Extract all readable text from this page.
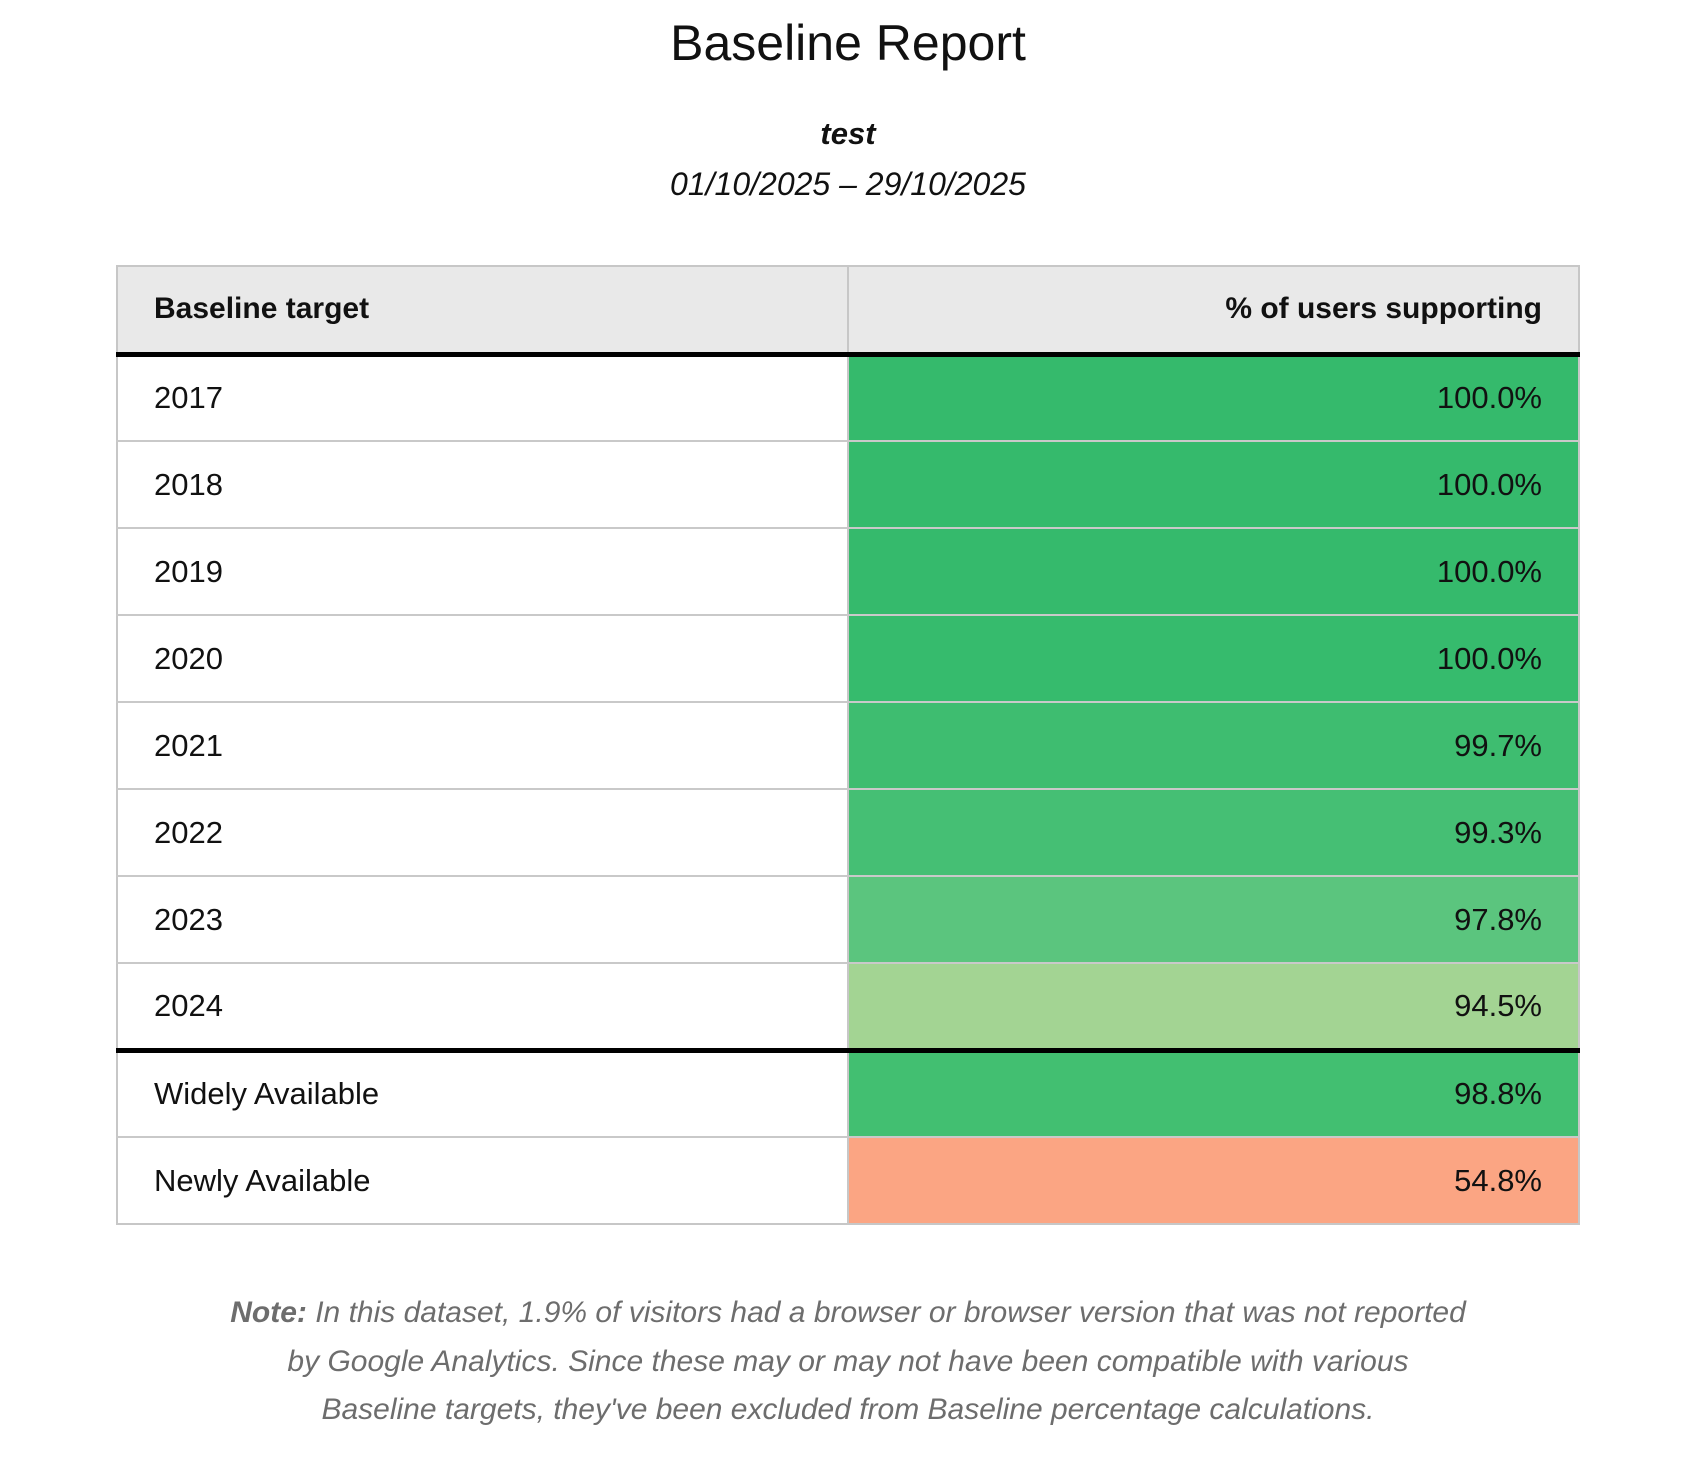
Baseline Report
test
01/10/2025 – 29/10/2025
Baseline target	% of users supporting
2017	100.0%
2018	100.0%
2019	100.0%
2020	100.0%
2021	99.7%
2022	99.3%
2023	97.8%
2024	94.5%
Widely Available	98.8%
Newly Available	54.8%

Note: In this dataset, 1.9% of visitors had a browser or browser version that was not reported by Google Analytics. Since these may or may not have been compatible with various Baseline targets, they've been excluded from Baseline percentage calculations.
